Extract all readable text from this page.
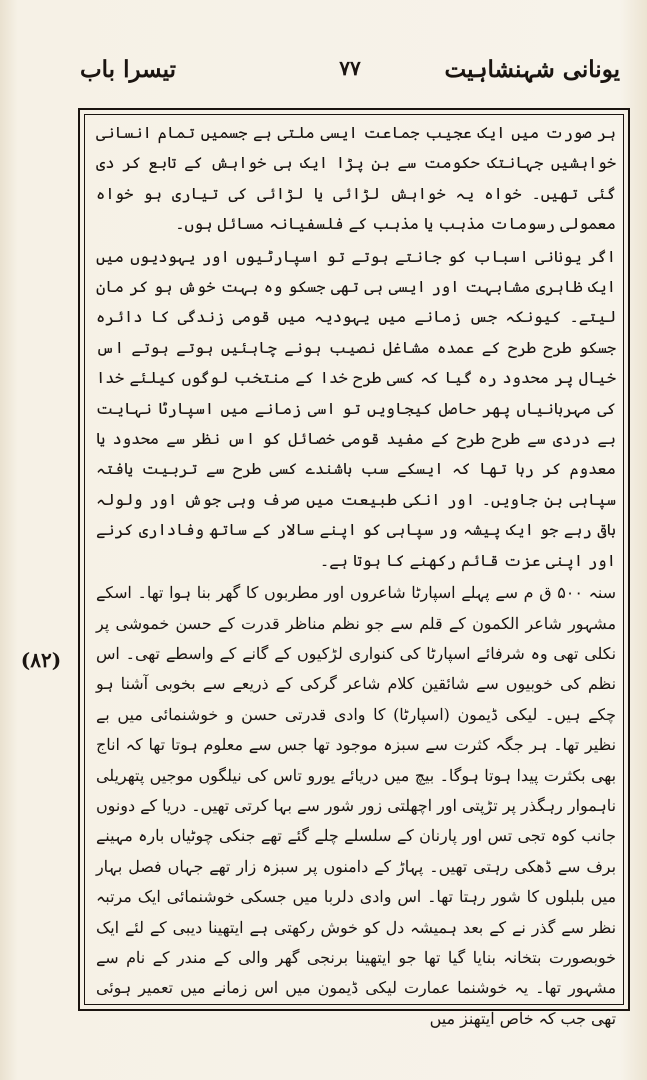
یونانی شہنشاہیت
۷۷
تیسرا باب

ہر صورت میں ایک عجیب جماعت ایسی ملتی ہے جسمیں تمام انسانی خواہشیں جہانتک حکومت سے بن پڑا ایک ہی خواہش کے تابع کر دی گئی تھیں۔ خواہ یہ خواہش لڑائی یا لڑائی کی تیاری ہو خواہ معمولی رسومات مذہب یا مذہب کے فلسفیانہ مسائل ہوں۔

اگر یونانی اسباب کو جانتے ہوتے تو اسپارٹیوں اور یہودیوں میں ایک ظاہری مشابہت اور ایسی ہی تھی جسکو وہ بہت خوش ہو کر مان لیتے۔ کیونکہ جس زمانے میں یہودیہ میں قومی زندگی کا دائرہ جسکو طرح طرح کے عمدہ مشاغل نصیب ہونے چاہئیں ہوتے ہوتے اس خیال پر محدود رہ گیا کہ کسی طرح خدا کے منتخب لوگوں کیلئے خدا کی مہربانیاں پھر حاصل کیجاویں تو اسی زمانے میں اسپارٹا نہایت بے دردی سے طرح طرح کے مفید قومی خصائل کو اس نظر سے محدود یا معدوم کر رہا تھا کہ ایسکے سب باشندے کسی طرح سے تربیت یافتہ سپاہی بن جاویں۔ اور انکی طبیعت میں صرف وہی جوش اور ولولہ باقی رہے جو ایک پیشہ ور سپاہی کو اپنے سالار کے ساتھ وفاداری کرنے اور اپنی عزت قائم رکھنے کا ہوتا ہے۔

سنہ ۵۰۰ ق م سے پہلے اسپارٹا شاعروں اور مطربوں کا گھر بنا ہوا تھا۔ اسکے مشہور شاعر الکمون کے قلم سے جو نظم مناظر قدرت کے حسن خموشی پر نکلی تھی وہ شرفائے اسپارٹا کی کنواری لڑکیوں کے گانے کے واسطے تھی۔ اس نظم کی خوبیوں سے شائقین کلام شاعر گرکی کے ذریعے سے بخوبی آشنا ہو چکے ہیں۔ لیکی ڈیمون (اسپارٹا) کا وادی قدرتی حسن و خوشنمائی میں بے نظیر تھا۔ ہر جگہ کثرت سے سبزہ موجود تھا جس سے معلوم ہوتا تھا کہ اناج بھی بکثرت پیدا ہوتا ہوگا۔ بیچ میں دریائے یورو تاس کی نیلگوں موجیں پتھریلی ناہموار رہگذر پر تڑپتی اور اچھلتی زور شور سے بہا کرتی تھیں۔ دریا کے دونوں جانب کوہ تجی تس اور پارنان کے سلسلے چلے گئے تھے جنکی چوٹیاں بارہ مہینے برف سے ڈھکی رہتی تھیں۔ پہاڑ کے دامنوں پر سبزہ زار تھے جہاں فصل بہار میں بلبلوں کا شور رہتا تھا۔ اس وادی دلربا میں جسکی خوشنمائی ایک مرتبہ نظر سے گذر نے کے بعد ہمیشہ دل کو خوش رکھتی ہے ایتھینا دیبی کے لئے ایک خوبصورت بتخانہ بنایا گیا تھا جو ایتھینا برنجی گھر والی کے مندر کے نام سے مشہور تھا۔ یہ خوشنما عمارت لیکی ڈیمون میں اس زمانے میں تعمیر ہوئی تھی جب کہ خاص ایتھنز میں

(۸۲)
